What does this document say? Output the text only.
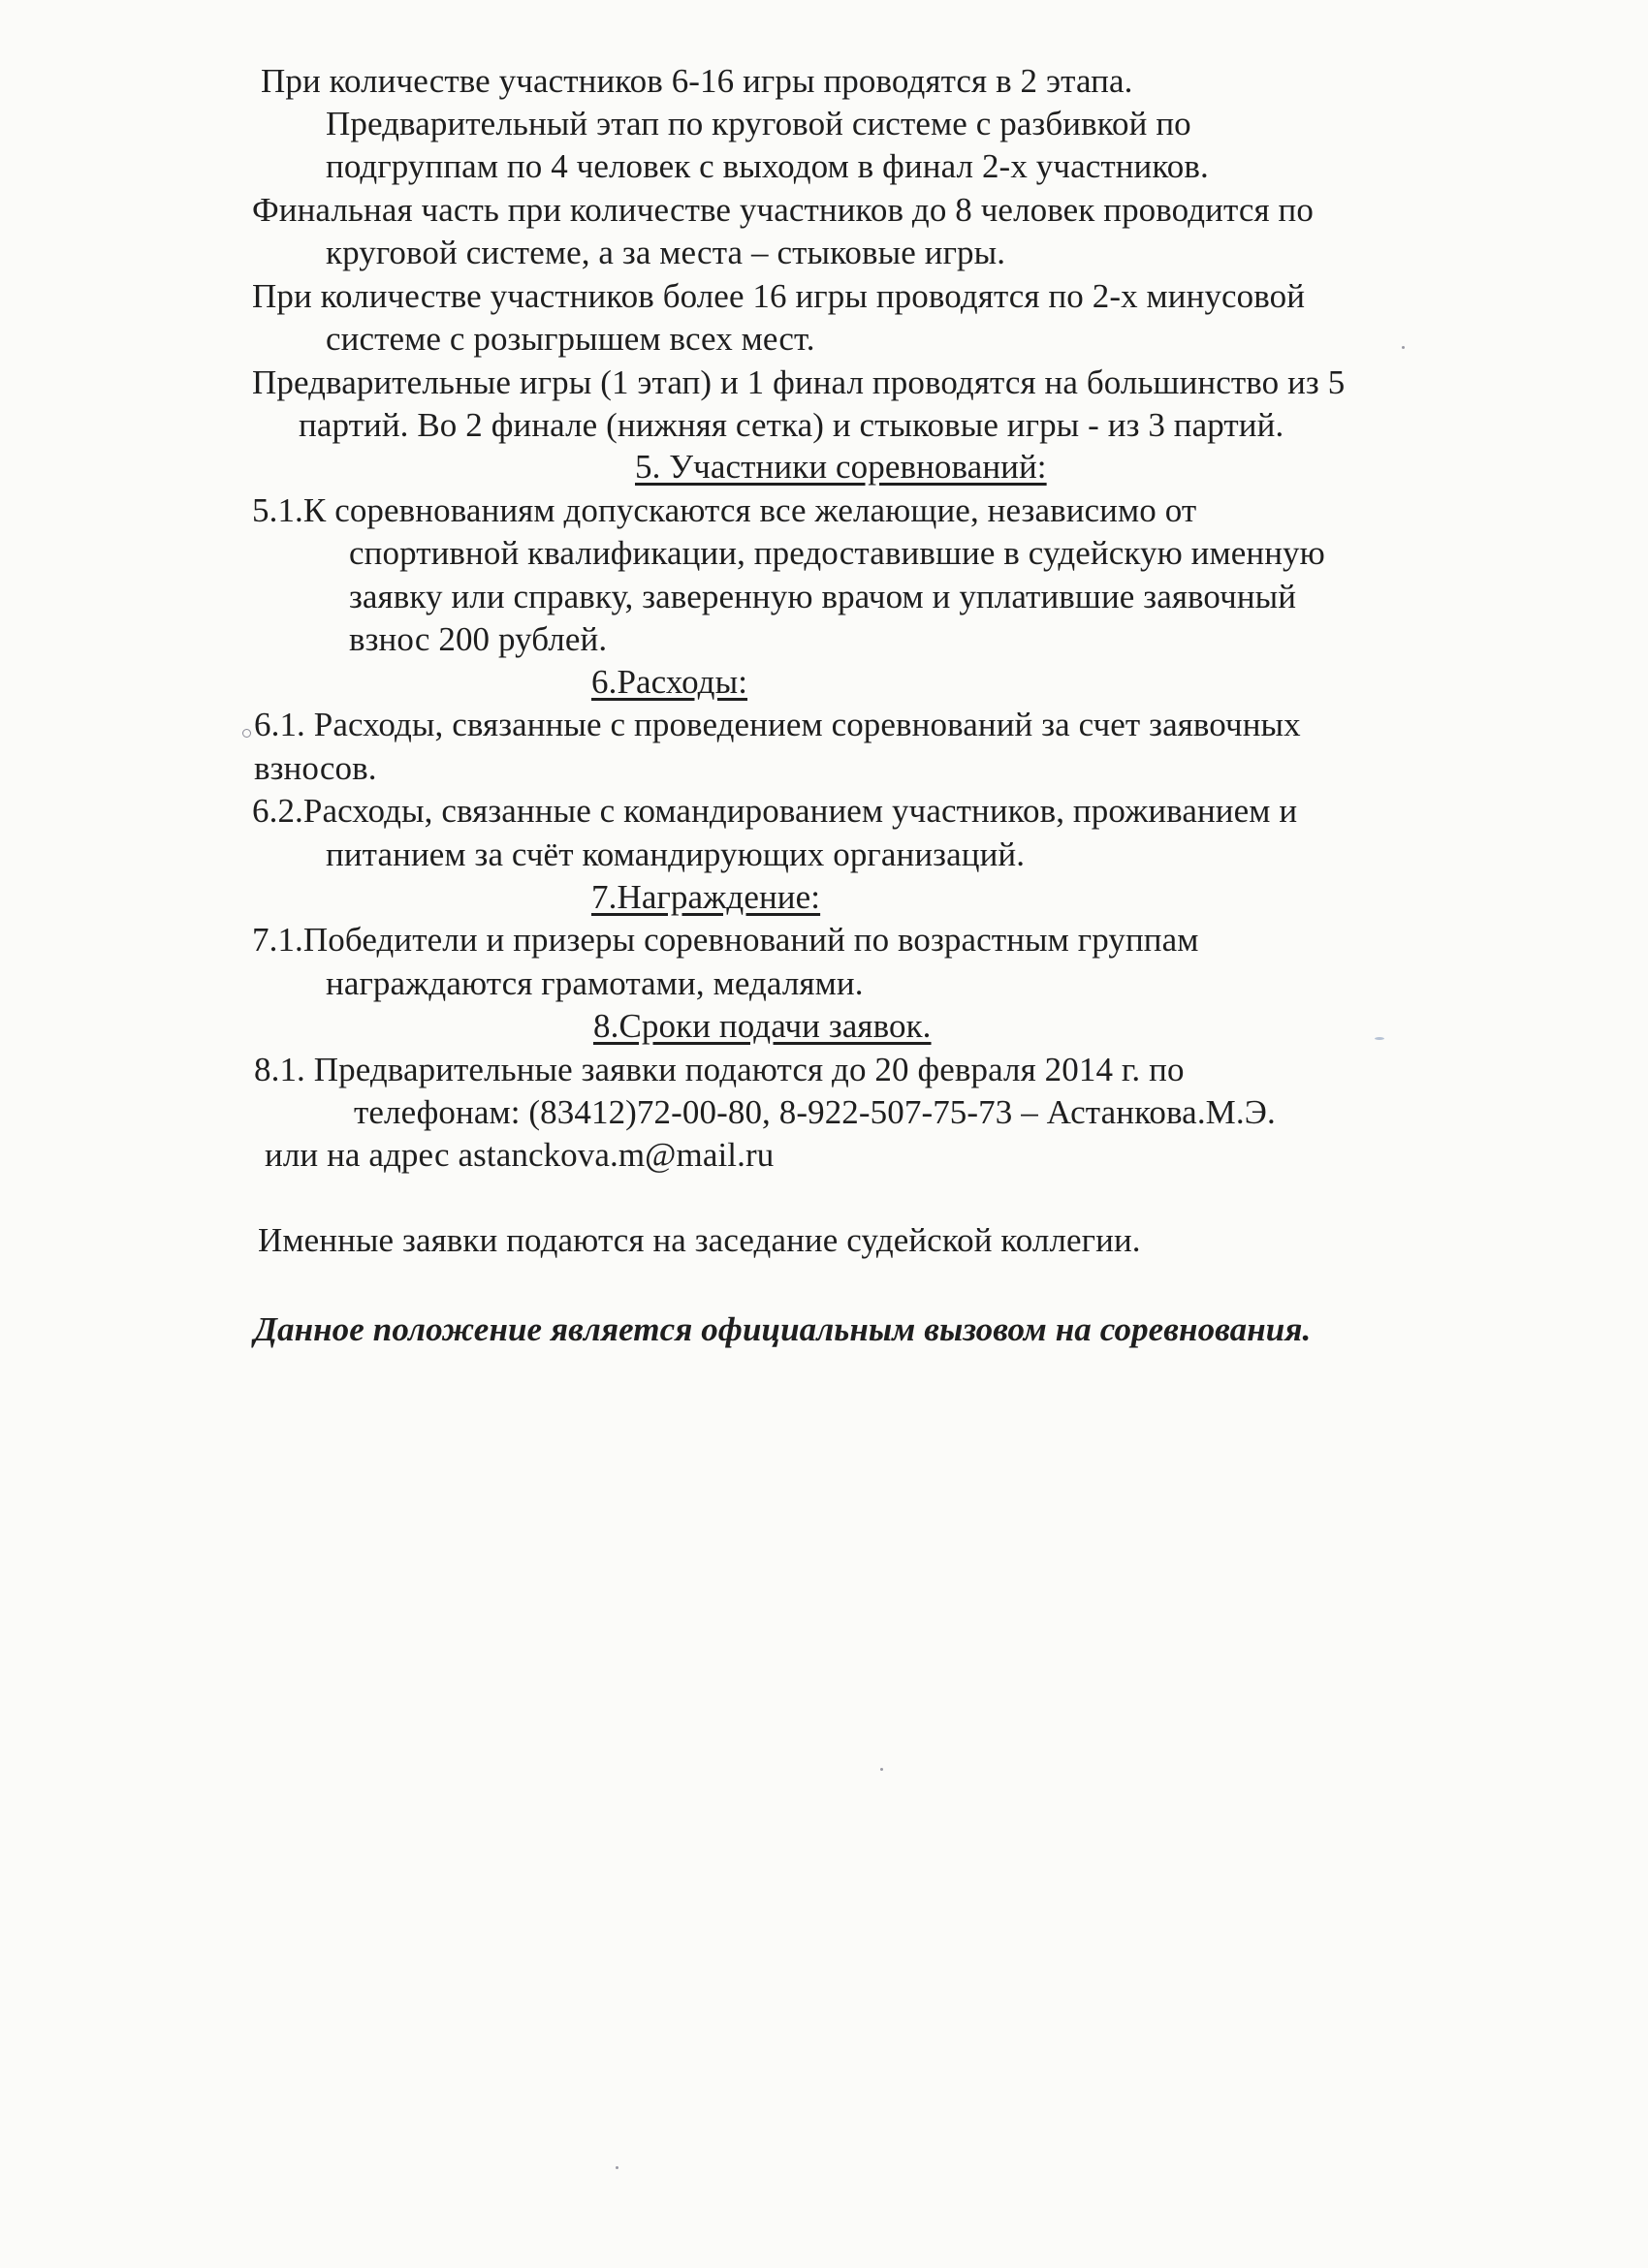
При количестве участников 6-16 игры проводятся в 2 этапа.

Предварительный этап по круговой системе с разбивкой по

подгруппам по 4 человек с выходом в финал 2-х участников.

Финальная часть при количестве участников до 8 человек проводится по

круговой системе, а за места – стыковые игры.

При количестве участников более 16 игры проводятся по 2-х минусовой

системе с розыгрышем всех мест.

Предварительные игры (1 этап) и 1 финал проводятся на большинство из 5

партий. Во 2 финале (нижняя сетка) и стыковые игры - из 3 партий.

5. Участники соревнований:

5.1.К соревнованиям допускаются все желающие, независимо от

спортивной квалификации, предоставившие в судейскую именную

заявку или справку, заверенную врачом и уплатившие заявочный

взнос 200 рублей.

6.Расходы:

6.1. Расходы, связанные с проведением соревнований за счет заявочных

взносов.

6.2.Расходы, связанные с командированием участников, проживанием и

питанием за счёт командирующих организаций.

7.Награждение:

7.1.Победители и призеры соревнований по возрастным группам

награждаются грамотами, медалями.

8.Сроки подачи заявок.

8.1. Предварительные заявки подаются до 20 февраля 2014 г. по

телефонам: (83412)72-00-80, 8-922-507-75-73 – Астанкова.М.Э.

или на адрес astanckova.m@mail.ru

Именные заявки подаются на заседание судейской коллегии.

Данное положение является официальным вызовом на соревнования.
